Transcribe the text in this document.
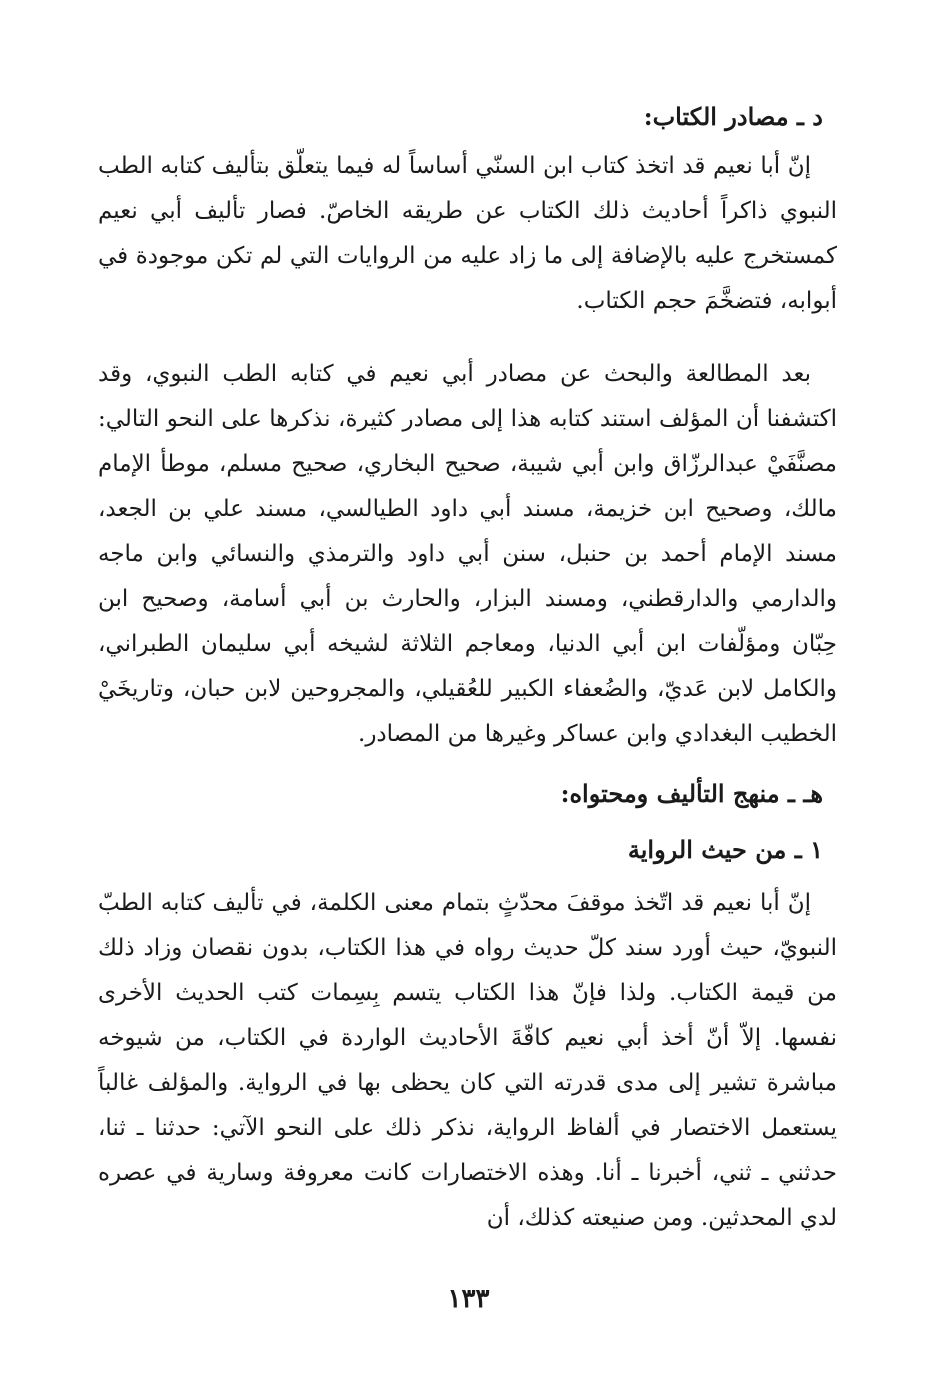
د ـ مصادر الكتاب:

إنّ أبا نعيم قد اتخذ كتاب ابن السنّي أساساً له فيما يتعلّق بتأليف كتابه الطب النبوي ذاكراً أحاديث ذلك الكتاب عن طريقه الخاصّ. فصار تأليف أبي نعيم كمستخرج عليه بالإضافة إلى ما زاد عليه من الروايات التي لم تكن موجودة في أبوابه، فتضخَّمَ حجم الكتاب.

بعد المطالعة والبحث عن مصادر أبي نعيم في كتابه الطب النبوي، وقد اكتشفنا أن المؤلف استند كتابه هذا إلى مصادر كثيرة، نذكرها على النحو التالي: مصنَّفَيْ عبدالرزّاق وابن أبي شيبة، صحيح البخاري، صحيح مسلم، موطأ الإمام مالك، وصحيح ابن خزيمة، مسند أبي داود الطيالسي، مسند علي بن الجعد، مسند الإمام أحمد بن حنبل، سنن أبي داود والترمذي والنسائي وابن ماجه والدارمي والدارقطني، ومسند البزار، والحارث بن أبي أسامة، وصحيح ابن حِبّان ومؤلّفات ابن أبي الدنيا، ومعاجم الثلاثة لشيخه أبي سليمان الطبراني، والكامل لابن عَديّ، والضُعفاء الكبير للعُقيلي، والمجروحين لابن حبان، وتاريخَيْ الخطيب البغدادي وابن عساكر وغيرها من المصادر.

هـ ـ منهج التأليف ومحتواه:
١ ـ من حيث الرواية

إنّ أبا نعيم قد اتّخذ موقفَ محدّثٍ بتمام معنى الكلمة، في تأليف كتابه الطبّ النبويّ، حيث أورد سند كلّ حديث رواه في هذا الكتاب، بدون نقصان وزاد ذلك من قيمة الكتاب. ولذا فإنّ هذا الكتاب يتسم بِسِمات كتب الحديث الأخرى نفسها. إلاّ أنّ أخذ أبي نعيم كافّةَ الأحاديث الواردة في الكتاب، من شيوخه مباشرة تشير إلى مدى قدرته التي كان يحظى بها في الرواية. والمؤلف غالباً يستعمل الاختصار في ألفاظ الرواية، نذكر ذلك على النحو الآتي: حدثنا ـ ثنا، حدثني ـ ثني، أخبرنا ـ أنا. وهذه الاختصارات كانت معروفة وسارية في عصره لدي المحدثين. ومن صنيعته كذلك، أن

١٣٣
